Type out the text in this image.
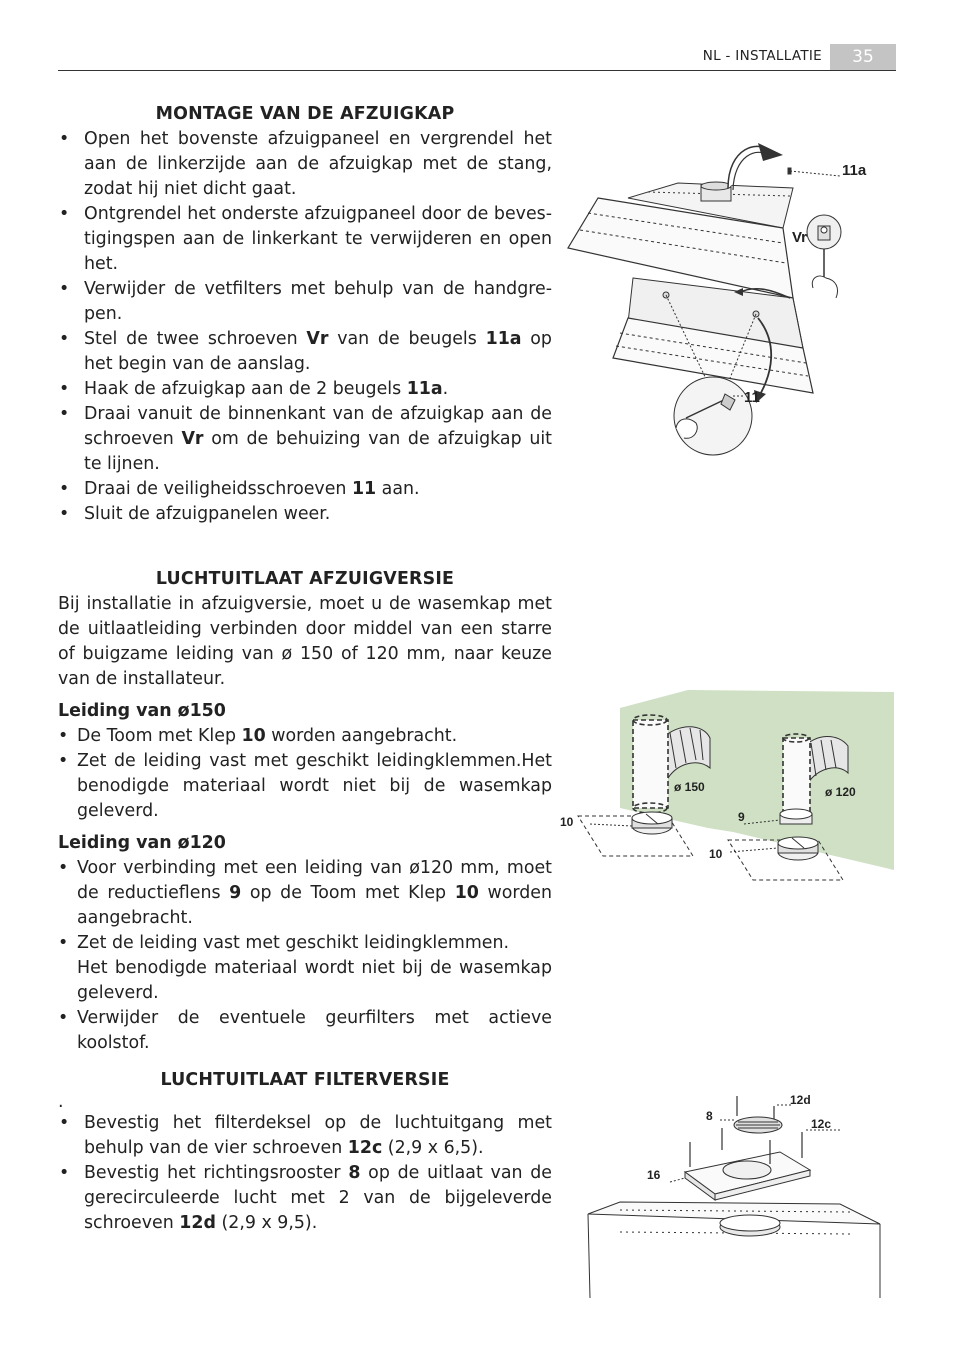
NL - INSTALLATIE	35
MONTAGE VAN DE AFZUIGKAP
• Open het bovenste afzuigpaneel en vergrendel het aan de linkerzijde aan de afzuigkap met de stang, zodat hij niet dicht gaat.
• Ontgrendel het onderste afzuigpaneel door de bevestigingspen aan de linkerkant te verwijderen en open het.
• Verwijder de vetfilters met behulp van de handgrepen.
• Stel de twee schroeven Vr van de beugels 11a op het begin van de aanslag.
• Haak de afzuigkap aan de 2 beugels 11a.
• Draai vanuit de binnenkant van de afzuigkap aan de schroeven Vr om de behuizing van de afzuigkap uit te lijnen.
• Draai de veiligheidsschroeven 11 aan.
• Sluit de afzuigpanelen weer.
LUCHTUITLAAT AFZUIGVERSIE

Bij installatie in afzuigversie, moet u de wasemkap met de uitlaatleiding verbinden door middel van een starre of buigzame leiding van ø 150 of 120 mm, naar keuze van de installateur.

Leiding van ø150
• De Toom met Klep 10 worden aangebracht.
• Zet de leiding vast met geschikt leidingklemmen.Het benodigde materiaal wordt niet bij de wasemkap geleverd.
Leiding van ø120
• Voor verbinding met een leiding van ø120 mm, moet de reductieflens 9 op de Toom met Klep 10 worden aangebracht.
• Zet de leiding vast met geschikt leidingklemmen.
Het benodigde materiaal wordt niet bij de wasemkap geleverd.
• Verwijder de eventuele geurfilters met actieve koolstof.
LUCHTUITLAAT FILTERVERSIE
.
• Bevestig het filterdeksel op de luchtuitgang met behulp van de vier schroeven 12c (2,9 x 6,5).
• Bevestig het richtingsrooster 8 op de uitlaat van de gerecirculeerde lucht met 2 van de bijgeleverde schroeven 12d (2,9 x 9,5).
11a
Vr
11
ø 150	ø 120
10	9
10
12d
8
12c
16
